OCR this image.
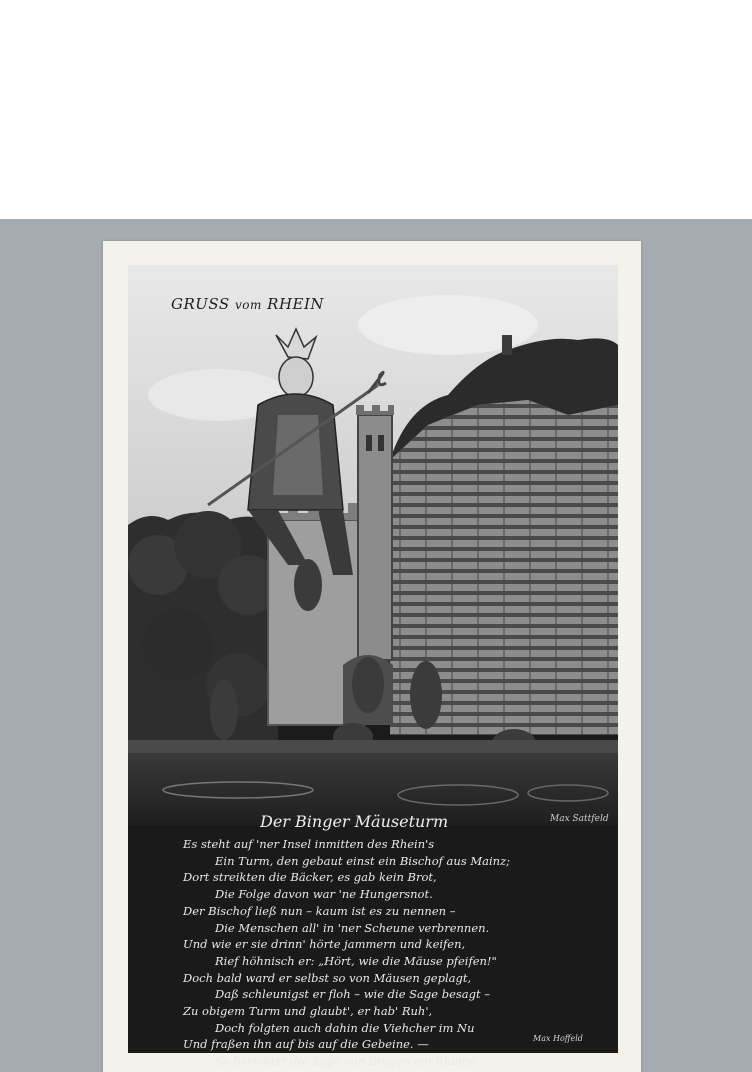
GRUSS vom RHEIN
Max Sattfeld
Der Binger Mäuseturm
Es steht auf 'ner Insel inmitten des Rhein's
Ein Turm, den gebaut einst ein Bischof aus Mainz;
Dort streikten die Bäcker, es gab kein Brot,
Die Folge davon war 'ne Hungersnot.
Der Bischof ließ nun – kaum ist es zu nennen –
Die Menschen all' in 'ner Scheune verbrennen.
Und wie er sie drinn' hörte jammern und keifen,
Rief höhnisch er: „Hört, wie die Mäuse pfeifen!"
Doch bald ward er selbst so von Mäusen geplagt,
Daß schleunigst er floh – wie die Sage besagt –
Zu obigem Turm und glaubt', er hab' Ruh',
Doch folgten auch dahin die Viehcher im Nu
Und fraßen ihn auf bis auf die Gebeine. —
So berichtet die Sage von Bingen am Rheine.
Max Hoffeld
